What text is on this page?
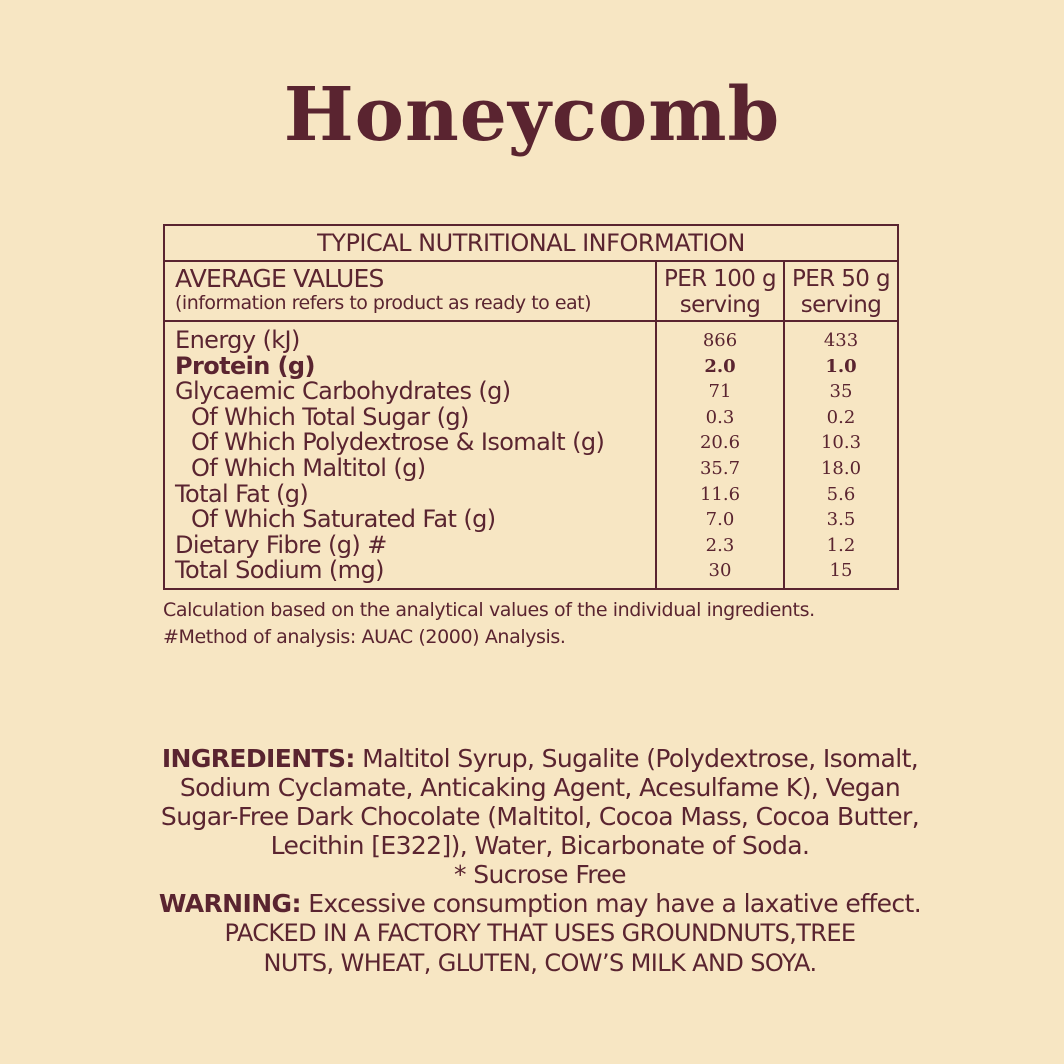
Honeycomb
TYPICAL NUTRITIONAL INFORMATION
AVERAGE VALUES
(information refers to product as ready to eat)
Energy (kJ)
Protein (g)
Glycaemic Carbohydrates (g)
Of Which Total Sugar (g)
Of Which Polydextrose & Isomalt (g)
Of Which Maltitol (g)
Total Fat (g)
Of Which Saturated Fat (g)
Dietary Fibre (g) #
Total Sodium (mg)
PER 100 g
serving
866
2.0
71
0.3
20.6
35.7
11.6
7.0
2.3
30
PER 50 g
serving
433
1.0
35
0.2
10.3
18.0
5.6
3.5
1.2
15
Calculation based on the analytical values of the individual ingredients.
#Method of analysis: AUAC (2000) Analysis.
INGREDIENTS: Maltitol Syrup, Sugalite (Polydextrose, Isomalt,
Sodium Cyclamate, Anticaking Agent, Acesulfame K), Vegan
Sugar-Free Dark Chocolate (Maltitol, Cocoa Mass, Cocoa Butter,
Lecithin [E322]), Water, Bicarbonate of Soda.
* Sucrose Free
WARNING: Excessive consumption may have a laxative effect.
PACKED IN A FACTORY THAT USES GROUNDNUTS,TREE
NUTS, WHEAT, GLUTEN, COW’S MILK AND SOYA.
